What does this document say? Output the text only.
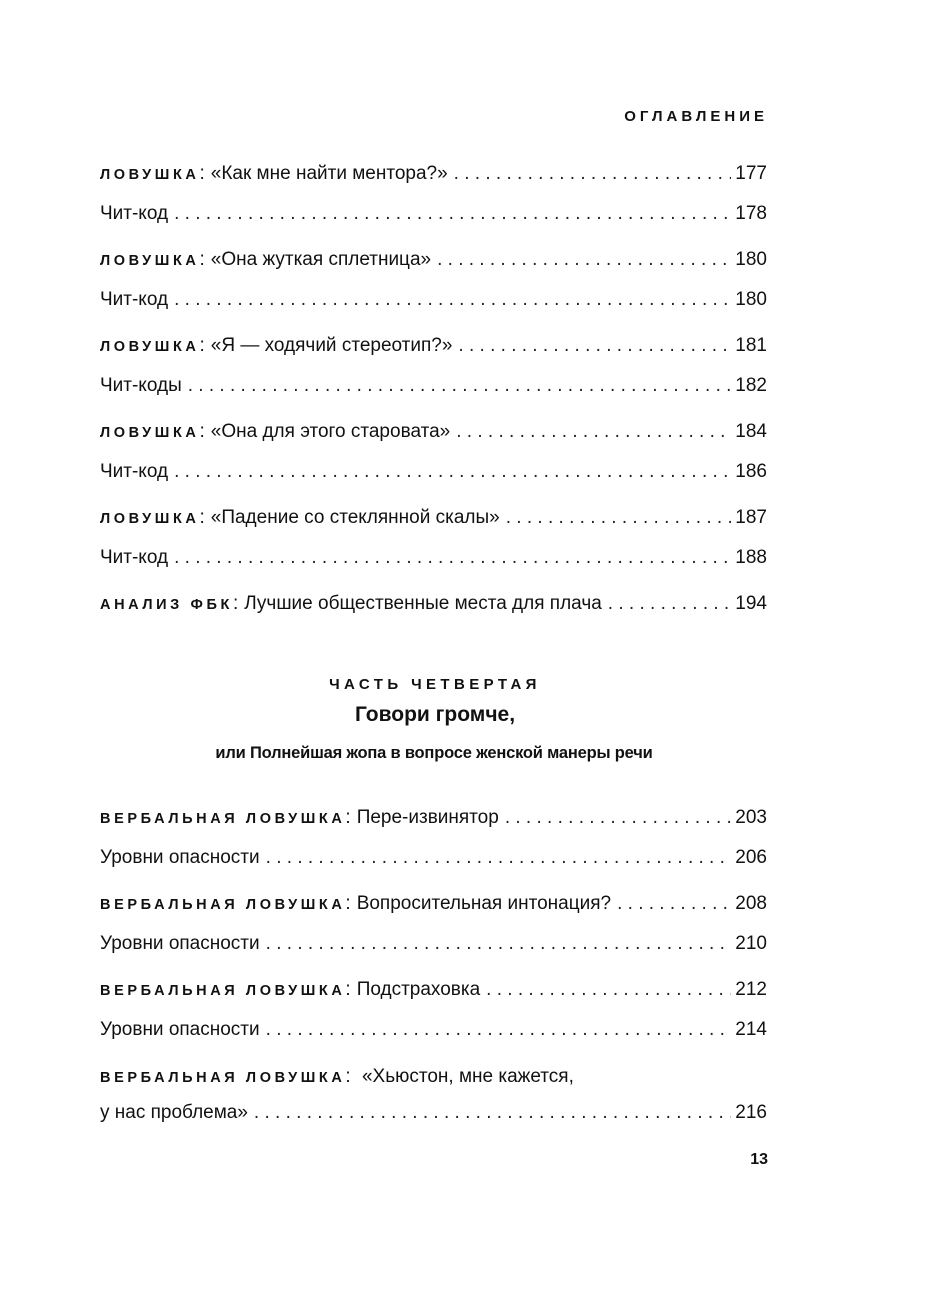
ОГЛАВЛЕНИЕ
ЛОВУШКА : «Как мне найти ментора?» . . .	177
Чит-код . . .	178
ЛОВУШКА : «Она жуткая сплетница» . . .	180
Чит-код . . .	180
ЛОВУШКА : «Я — ходячий стереотип?» . . .	181
Чит-коды . . .	182
ЛОВУШКА : «Она для этого старовата» . . .	184
Чит-код . . .	186
ЛОВУШКА : «Падение со стеклянной скалы» . . .	187
Чит-код . . .	188
АНАЛИЗ ФБК : Лучшие общественные места для плача . . .	194
ЧАСТЬ ЧЕТВЕРТАЯ
Говори громче,
или Полнейшая жопа в вопросе женской манеры речи
ВЕРБАЛЬНАЯ ЛОВУШКА : Пере-извинятор . . .	203
Уровни опасности . . .	206
ВЕРБАЛЬНАЯ ЛОВУШКА : Вопросительная интонация? . . .	208
Уровни опасности . . .	210
ВЕРБАЛЬНАЯ ЛОВУШКА : Подстраховка . . .	212
Уровни опасности . . .	214
ВЕРБАЛЬНАЯ ЛОВУШКА: «Хьюстон, мне кажется,
у нас проблема» . . .	216
13
